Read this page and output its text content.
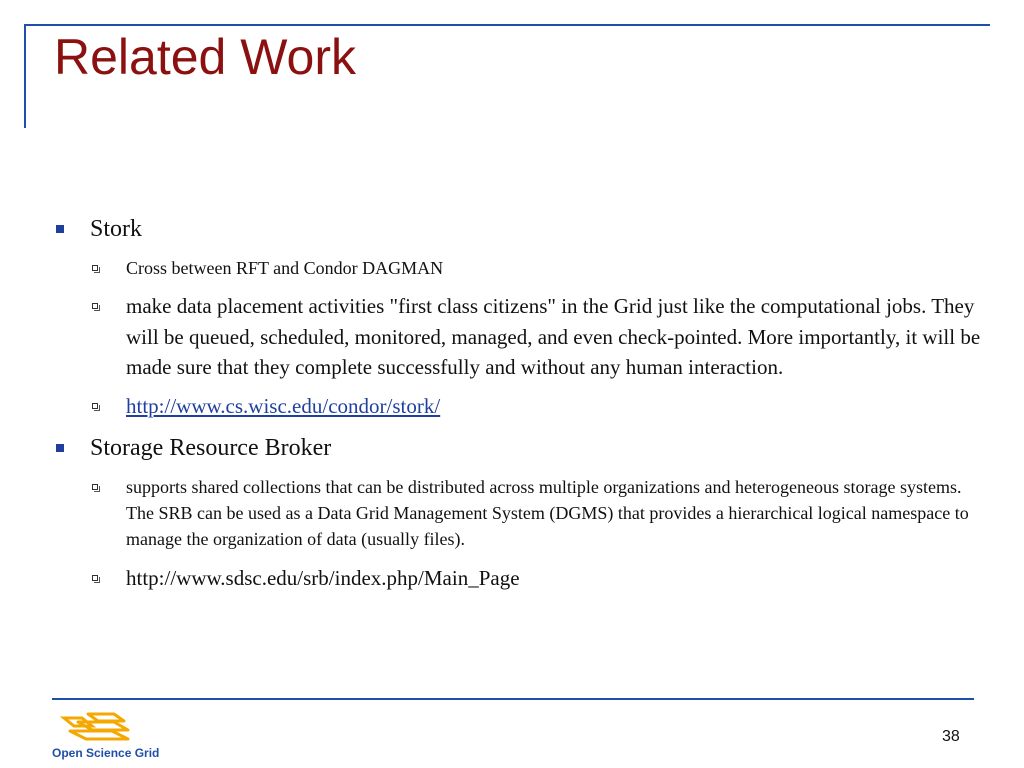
Related Work
Stork
Cross between RFT and Condor DAGMAN
make data placement activities "first class citizens" in the Grid just like the computational jobs. They will be queued, scheduled, monitored, managed, and even check-pointed. More importantly, it will be made sure that they complete successfully and without any human interaction.
http://www.cs.wisc.edu/condor/stork/
Storage Resource Broker
supports shared collections that can be distributed across multiple organizations and heterogeneous storage systems. The SRB can be used as a Data Grid Management System (DGMS) that provides a hierarchical logical namespace to manage the organization of data (usually files).
http://www.sdsc.edu/srb/index.php/Main_Page
Open Science Grid
38
